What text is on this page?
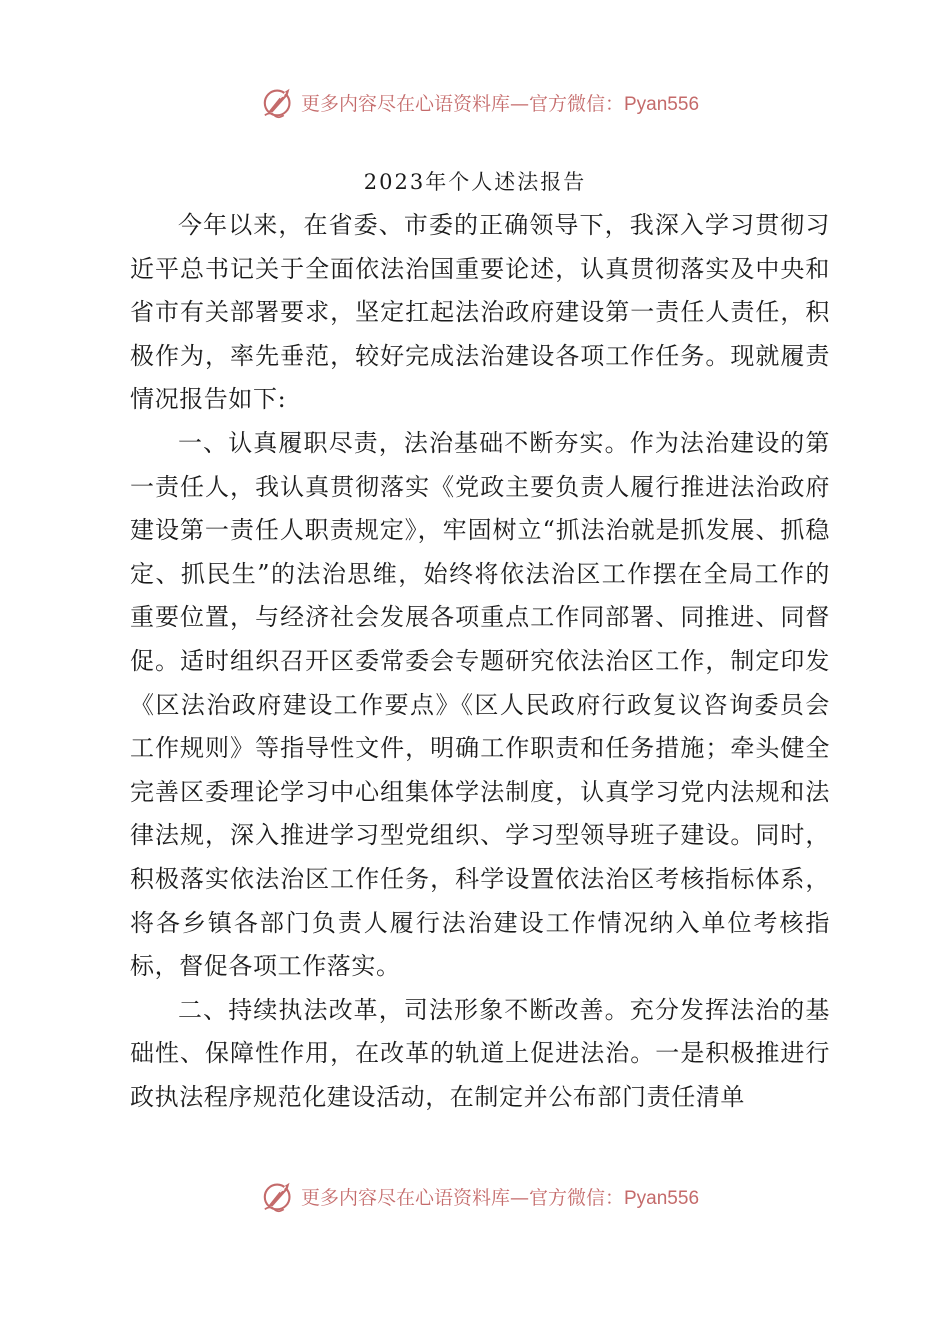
更多内容尽在心语资料库—官方微信：Pyan556
2023年个人述法报告

今年以来，在省委、市委的正确领导下，我深入学习贯彻习近平总书记关于全面依法治国重要论述，认真贯彻落实及中央和省市有关部署要求，坚定扛起法治政府建设第一责任人责任，积极作为，率先垂范，较好完成法治建设各项工作任务。现就履责情况报告如下:

一、认真履职尽责，法治基础不断夯实。作为法治建设的第一责任人，我认真贯彻落实《党政主要负责人履行推进法治政府建设第一责任人职责规定》，牢固树立“抓法治就是抓发展、抓稳定、抓民生”的法治思维，始终将依法治区工作摆在全局工作的重要位置，与经济社会发展各项重点工作同部署、同推进、同督促。适时组织召开区委常委会专题研究依法治区工作，制定印发《区法治政府建设工作要点》《区人民政府行政复议咨询委员会工作规则》等指导性文件，明确工作职责和任务措施；牵头健全完善区委理论学习中心组集体学法制度，认真学习党内法规和法律法规，深入推进学习型党组织、学习型领导班子建设。同时，积极落实依法治区工作任务，科学设置依法治区考核指标体系，将各乡镇各部门负责人履行法治建设工作情况纳入单位考核指标，督促各项工作落实。

二、持续执法改革，司法形象不断改善。充分发挥法治的基础性、保障性作用，在改革的轨道上促进法治。一是积极推进行政执法程序规范化建设活动，在制定并公布部门责任清单

更多内容尽在心语资料库—官方微信：Pyan556
